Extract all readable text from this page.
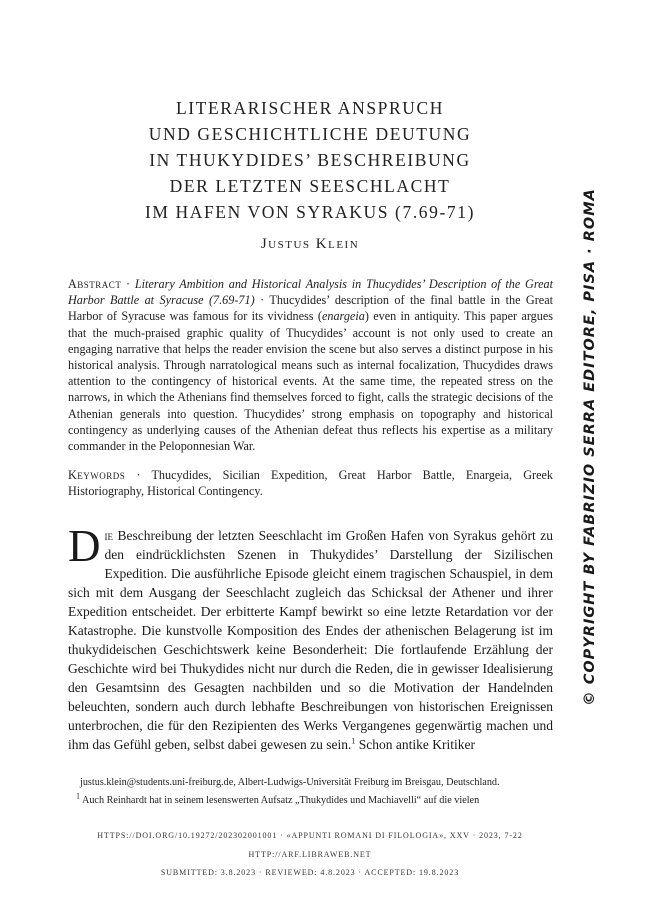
LITERARISCHER ANSPRUCH
UND GESCHICHTLICHE DEUTUNG
IN THUKYDIDES’ BESCHREIBUNG
DER LETZTEN SEESCHLACHT
IM HAFEN VON SYRAKUS (7.69-71)
Justus Klein
Abstract · Literary Ambition and Historical Analysis in Thucydides’ Description of the Great Harbor Battle at Syracuse (7.69-71) · Thucydides’ description of the final battle in the Great Harbor of Syracuse was famous for its vividness (enargeia) even in antiquity. This paper argues that the much-praised graphic quality of Thucydides’ account is not only used to create an engaging narrative that helps the reader envision the scene but also serves a distinct purpose in his historical analysis. Through narratological means such as internal focalization, Thucydides draws attention to the contingency of historical events. At the same time, the repeated stress on the narrows, in which the Athenians find themselves forced to fight, calls the strategic decisions of the Athenian generals into question. Thucydides’ strong emphasis on topography and historical contingency as underlying causes of the Athenian defeat thus reflects his expertise as a military commander in the Peloponnesian War.
Keywords · Thucydides, Sicilian Expedition, Great Harbor Battle, Enargeia, Greek Historiography, Historical Contingency.
Die Beschreibung der letzten Seeschlacht im Großen Hafen von Syrakus gehört zu den eindrücklichsten Szenen in Thukydides’ Darstellung der Sizilischen Expedition. Die ausführliche Episode gleicht einem tragischen Schauspiel, in dem sich mit dem Ausgang der Seeschlacht zugleich das Schicksal der Athener und ihrer Expedition entscheidet. Der erbitterte Kampf bewirkt so eine letzte Retardation vor der Katastrophe. Die kunstvolle Komposition des Endes der athenischen Belagerung ist im thukydideischen Geschichtswerk keine Besonderheit: Die fortlaufende Erzählung der Geschichte wird bei Thukydides nicht nur durch die Reden, die in gewisser Idealisierung den Gesamtsinn des Gesagten nachbilden und so die Motivation der Handelnden beleuchten, sondern auch durch lebhafte Beschreibungen von historischen Ereignissen unterbrochen, die für den Rezipienten des Werks Vergangenes gegenwärtig machen und ihm das Gefühl geben, selbst dabei gewesen zu sein.$^1$ Schon antike Kritiker
justus.klein@students.uni-freiburg.de, Albert-Ludwigs-Universität Freiburg im Breisgau, Deutschland.
$^1$ Auch Reinhardt hat in seinem lesenswerten Aufsatz „Thukydides und Machiavelli“ auf die vielen
HTTPS://DOI.ORG/10.19272/202302001001 · «APPUNTI ROMANI DI FILOLOGIA», XXV · 2023, 7-22
HTTP://ARF.LIBRAWEB.NET
SUBMITTED: 3.8.2023 · REVIEWED: 4.8.2023 · ACCEPTED: 19.8.2023
© COPYRIGHT BY FABRIZIO SERRA EDITORE, PISA · ROMA
